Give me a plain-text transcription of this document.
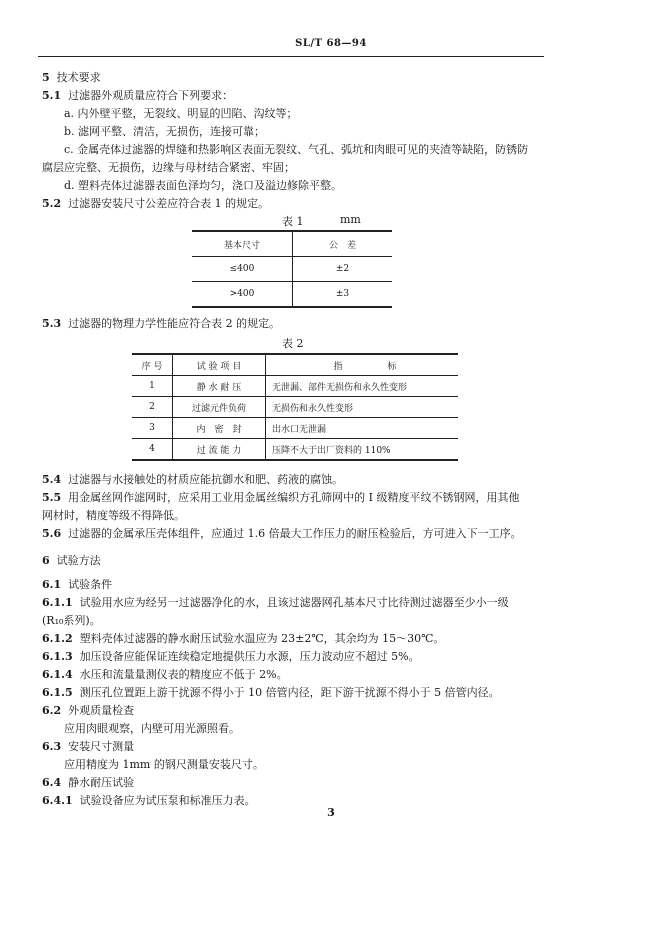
SL/T 68—94
5 技术要求
5.1 过滤器外观质量应符合下列要求：
a. 内外壁平整，无裂纹、明显的凹陷、沟纹等；
b. 滤网平整、清洁，无损伤，连接可靠；
c. 金属壳体过滤器的焊缝和热影响区表面无裂纹、气孔、弧坑和肉眼可见的夹渣等缺陷，防锈防
腐层应完整、无损伤，边缘与母材结合紧密、牢固；
d. 塑料壳体过滤器表面色泽均匀，浇口及溢边修除平整。
5.2 过滤器安装尺寸公差应符合表 1 的规定。
表 1	mm
基本尺寸	公　差
≤400	±2
>400	±3
5.3 过滤器的物理力学性能应符合表 2 的规定。
表 2
序 号	试 验 项 目	指　　　　　标
1	静 水 耐 压	无泄漏、部件无损伤和永久性变形
2	过滤元件负荷	无损伤和永久性变形
3	内　密　封	出水口无泄漏
4	过 流 能 力	压降不大于出厂资料的 110%
5.4 过滤器与水接触处的材质应能抗御水和肥、药液的腐蚀。
5.5 用金属丝网作滤网时，应采用工业用金属丝编织方孔筛网中的 I 级精度平纹不锈钢网，用其他
网材时，精度等级不得降低。
5.6 过滤器的金属承压壳体组件，应通过 1.6 倍最大工作压力的耐压检验后，方可进入下一工序。
6 试验方法
6.1 试验条件
6.1.1 试验用水应为经另一过滤器净化的水，且该过滤器网孔基本尺寸比待测过滤器至少小一级
(R₁₀系列)。
6.1.2 塑料壳体过滤器的静水耐压试验水温应为 23±2℃，其余均为 15～30℃。
6.1.3 加压设备应能保证连续稳定地提供压力水源，压力波动应不超过 5%。
6.1.4 水压和流量量测仪表的精度应不低于 2%。
6.1.5 测压孔位置距上游干扰源不得小于 10 倍管内径，距下游干扰源不得小于 5 倍管内径。
6.2 外观质量检查
应用肉眼观察，内壁可用光源照看。
6.3 安装尺寸测量
应用精度为 1mm 的钢尺测量安装尺寸。
6.4 静水耐压试验
6.4.1 试验设备应为试压泵和标准压力表。
3
